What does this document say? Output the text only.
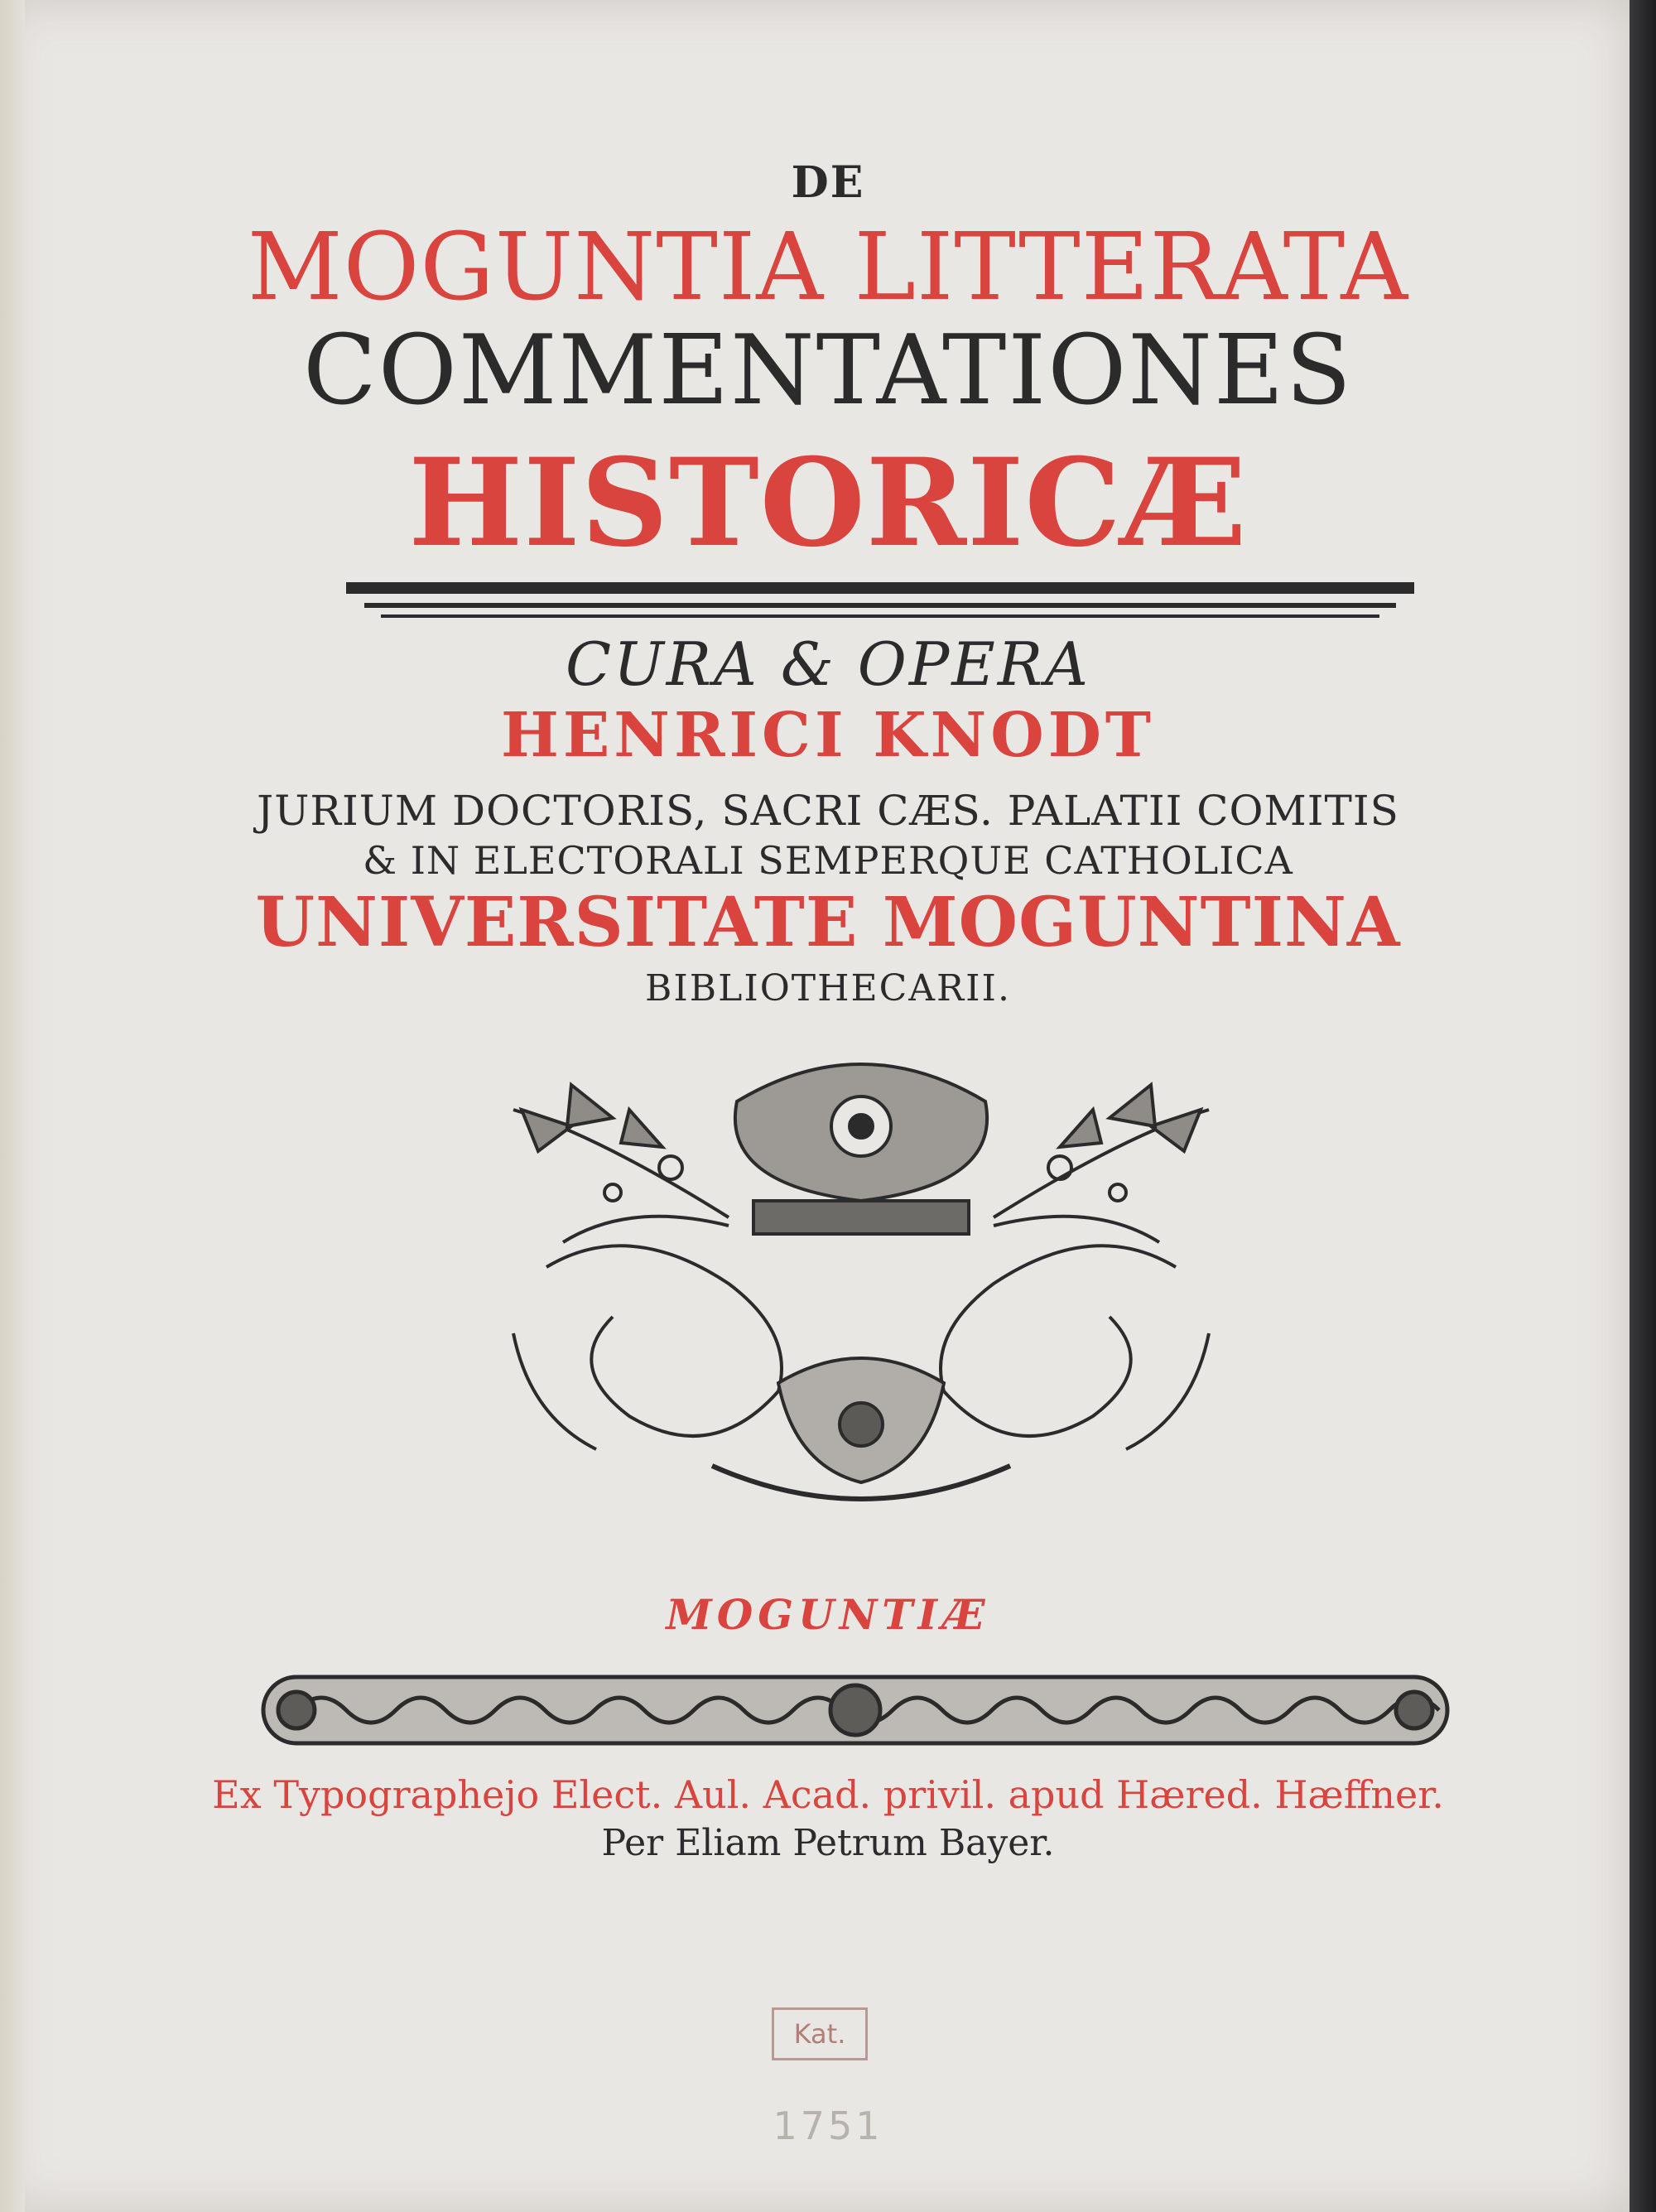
DE
MOGUNTIA LITTERATA
COMMENTATIONES
HISTORICÆ
CURA & OPERA
HENRICI KNODT
JURIUM DOCTORIS, SACRI CÆS. PALATII COMITIS
& IN ELECTORALI SEMPERQUE CATHOLICA
UNIVERSITATE MOGUNTINA
BIBLIOTHECARII.
MOGUNTIÆ
Ex Typographejo Elect. Aul. Acad. privil. apud Hæred. Hæffner.
Per Eliam Petrum Bayer.
Kat.
1751
